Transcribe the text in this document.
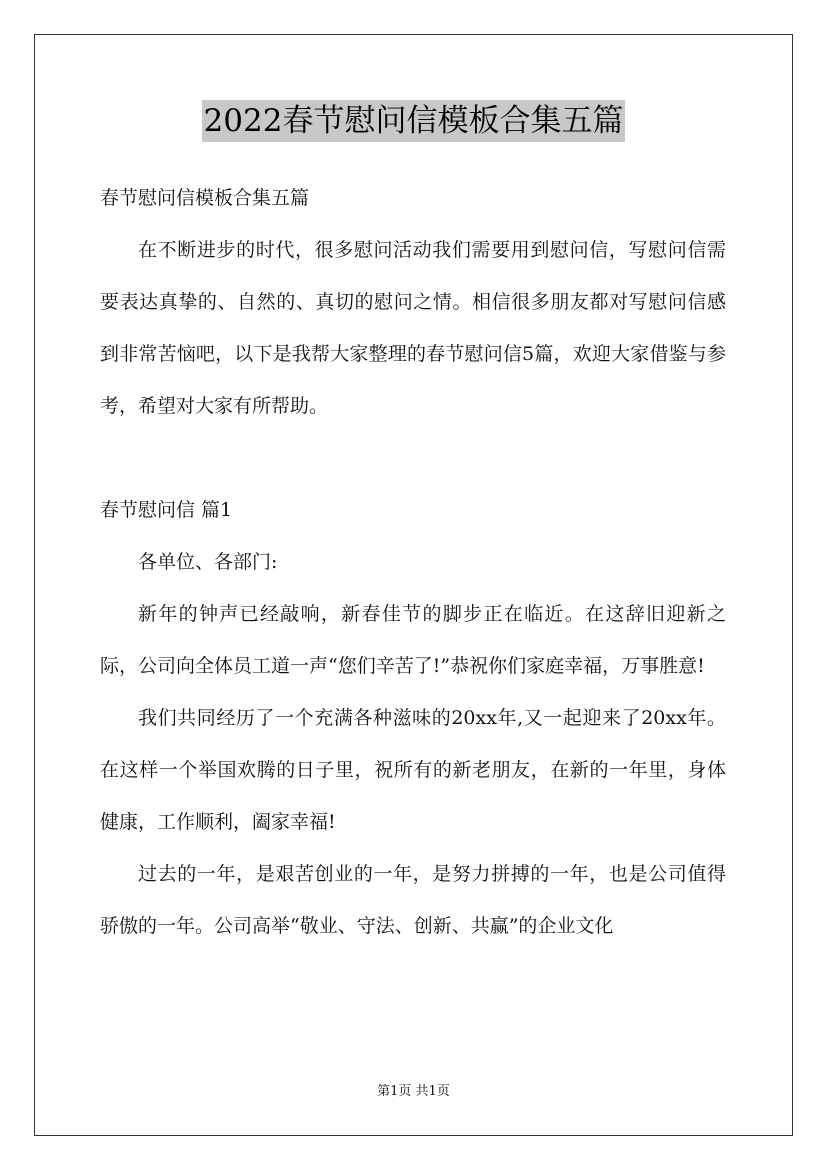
2022春节慰问信模板合集五篇

春节慰问信模板合集五篇

在不断进步的时代，很多慰问活动我们需要用到慰问信，写慰问信需要表达真挚的、自然的、真切的慰问之情。相信很多朋友都对写慰问信感到非常苦恼吧，以下是我帮大家整理的春节慰问信5篇，欢迎大家借鉴与参考，希望对大家有所帮助。

春节慰问信 篇1

各单位、各部门:

新年的钟声已经敲响，新春佳节的脚步正在临近。在这辞旧迎新之际，公司向全体员工道一声“您们辛苦了!”恭祝你们家庭幸福，万事胜意!

我们共同经历了一个充满各种滋味的20xx年,又一起迎来了20xx年。在这样一个举国欢腾的日子里，祝所有的新老朋友，在新的一年里，身体健康，工作顺利，阖家幸福!

过去的一年，是艰苦创业的一年，是努力拼搏的一年，也是公司值得骄傲的一年。公司高举“敬业、守法、创新、共赢”的企业文化

第1页 共1页
